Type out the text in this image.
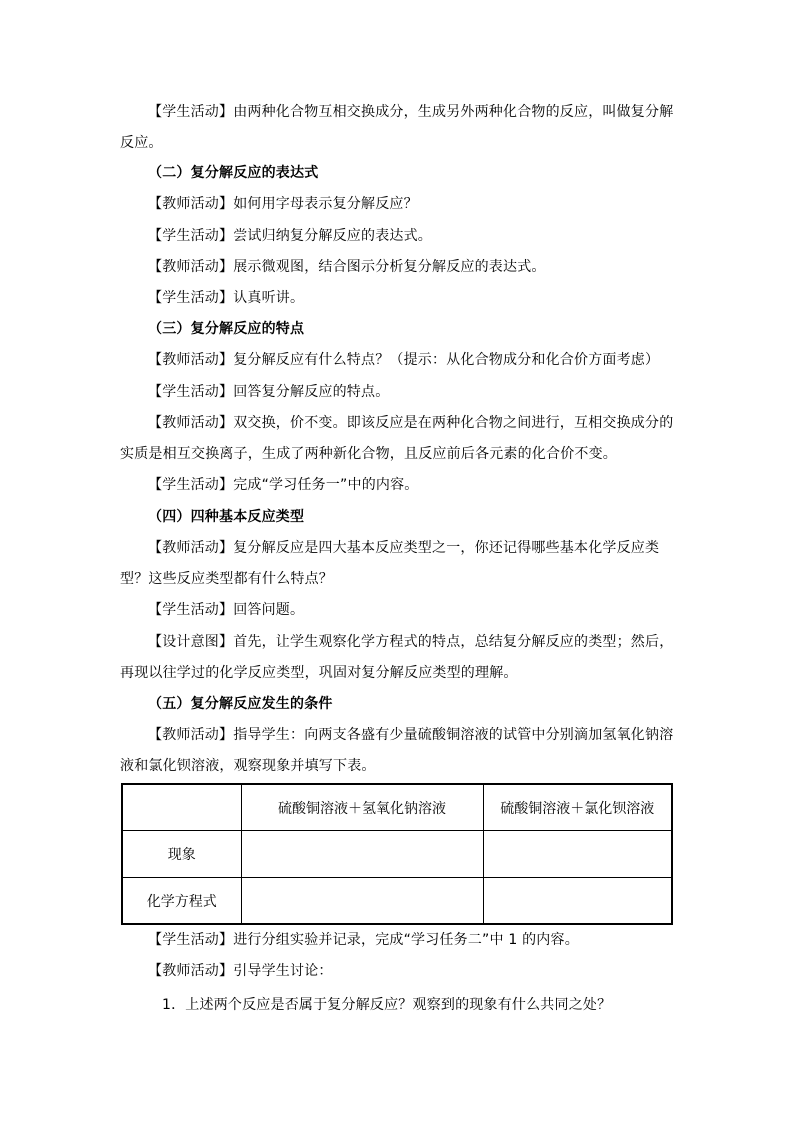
【学生活动】由两种化合物互相交换成分，生成另外两种化合物的反应，叫做复分解反应。
（二）复分解反应的表达式
【教师活动】如何用字母表示复分解反应？
【学生活动】尝试归纳复分解反应的表达式。
【教师活动】展示微观图，结合图示分析复分解反应的表达式。
【学生活动】认真听讲。
（三）复分解反应的特点
【教师活动】复分解反应有什么特点？（提示：从化合物成分和化合价方面考虑）
【学生活动】回答复分解反应的特点。
【教师活动】双交换，价不变。即该反应是在两种化合物之间进行，互相交换成分的实质是相互交换离子，生成了两种新化合物，且反应前后各元素的化合价不变。
【学生活动】完成“学习任务一”中的内容。
（四）四种基本反应类型
【教师活动】复分解反应是四大基本反应类型之一，你还记得哪些基本化学反应类型？这些反应类型都有什么特点？
【学生活动】回答问题。
【设计意图】首先，让学生观察化学方程式的特点，总结复分解反应的类型；然后，再现以往学过的化学反应类型，巩固对复分解反应类型的理解。
（五）复分解反应发生的条件
【教师活动】指导学生：向两支各盛有少量硫酸铜溶液的试管中分别滴加氢氧化钠溶液和氯化钡溶液，观察现象并填写下表。
	硫酸铜溶液＋氢氧化钠溶液	硫酸铜溶液＋氯化钡溶液
现象		
化学方程式		
【学生活动】进行分组实验并记录，完成“学习任务二”中 1 的内容。
【教师活动】引导学生讨论：
1．上述两个反应是否属于复分解反应？观察到的现象有什么共同之处？
